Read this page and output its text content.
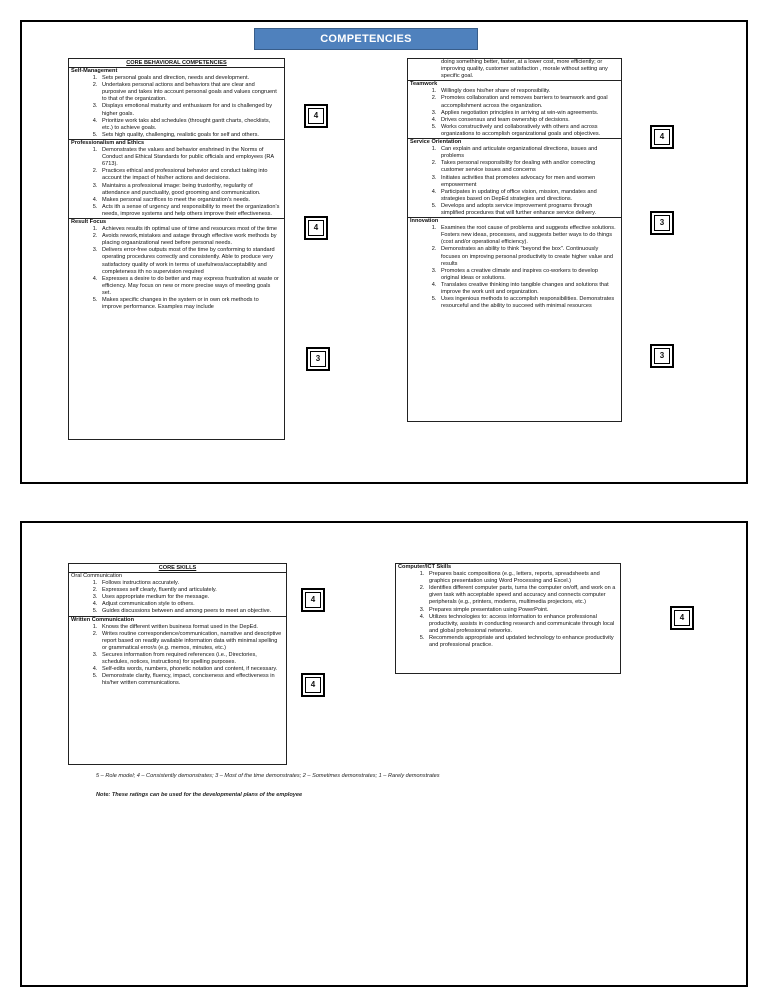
COMPETENCIES
CORE BEHAVIORAL COMPETENCIES
Self-Management
1. Sets personal goals and direction, needs and development.
2. Undertakes personal actions and behaviors that are clear and purposive and takes into account personal goals and values congruent to that of the organization.
3. Displays emotional maturity and enthusiasm for and is challenged by higher goals.
4. Prioritize work taks abd schedules (throught gantt charts, checklists, etc.) to achieve goals.
5. Sets high quality, challenging, realistic goals for self and others.
Professionalism and Ethics
1. Demonstrates the values and behavior enshrined in the Norms of Conduct and Ethical Standards for public officials and employees (RA 6713).
2. Practices ethical and professional behavior and conduct taking into account the impact of his/her actions and decisions.
3. Maintains a professional image: being trustorthy, regularity of attendance and punctuality, good grooming and communication.
4. Makes personal sacrifices to meet the organization's needs.
5. Acts ith a sense of urgency and responsibility to meet the organization's needs, improve systems and help others improve their effectiveness.
Result Focus
1. Achieves results ith optimal use of time and resources most of the time
2. Avoids rework,mistakes and astage through effective work methods by placing orgaanizational need before personal needs.
3. Delivers error-free outputs most of the time by conforming to standard operating procedures correctly and consistently. Able to produce very satisfactory quality of work in terms of usefulness/acceptability and completeness ith no supervision required
4. Expresses a desire to do better and may express frustration at waste or efficiency. May focus on new or more precise ways of meeting goals set.
5. Makes specific changes in the system or in own ork methods to improve performance. Examples may include
doing something better, faster, at a lower cost, more efficiently; or improving quality, customer satisfaction , morale without setting any specific goal.
Teamwork
1. Willingly does his/her share of responsibility.
2. Promotes collaboration and removes barriers to teamwork and goal accomplishment across the organization.
3. Applies negotiation principles in arriving at win-win agreements.
4. Drives consensus and team ownership of decisions.
5. Works constructively and collaboratively with others and across organizations to accomplish organizational goals and objectives.
Service Orientation
1. Can explain and articulate organizational directions, issues and problems
2. Takes personal responsibility for dealing with and/or correcting customer service issues and concerns
3. Initiates activities that promotes advocacy for men and women empowerment
4. Participates in updating of office vision, mission, mandates and strategies based on DepEd strategies and directions.
5. Develops and adopts service improvement programs through simplified procedures that will further enhance service delivery.
Innovation
1. Examines the root cause of problems and suggests effective solutions. Fosters new ideas, processes, and suggests better ways to do things (cost and/or operational efficiency).
2. Demonstrates an ability to think "beyond the box". Continuously focuses on improving personal productivity to create higher value and results
3. Promotes a creative climate and inspires co-workers to develop original ideas or solutions.
4. Translates creative thinking into tangible changes and solutions that improve the work unit and organization.
5. Uses ingenious methods to accomplish responsibilities. Demonstrates resourceful and the ability to succeed with minimal resources
4
4
3
4
3
3
CORE SKILLS
Oral Communication
1. Follows instructions accurately.
2. Expresses self clearly, fluently and articulately.
3. Uses appropriate medium for the message.
4. Adjust communication style to others.
5. Guides discussions between and among peers to meet an objective.
Written Communication
1. Knows the different written business format used in the DepEd.
2. Writes routine correspondence/communication, narrative and descriptive report based on readily available information data with minimal spelling or grammatical error/s (e.g. memos, minutes, etc.)
3. Secures information from required references (i.e., Directories, schedules, notices, instructions) for spelling purposes.
4. Self-edits words, numbers, phonetic notation and content, if necessary.
5. Demonstrate clarity, fluency, impact, conciseness and effectiveness in his/her written communications.
Computer/ICT Skills
1. Prepares basic compositions (e.g., letters, reports, spreadsheets and graphics presentation using Word Processing and Excel.)
2. Identifies different computer parts, turns the computer on/off, and work on a given task with acceptable speed and accuracy and connects computer peripherals (e.g., printers, modems, multimedia projectors, etc.)
3. Prepares simple presentation using PowerPoint.
4. Utilizes technologies to: access information to enhance professional productivity, assists in conducting research and communicate through local and global professional networks.
5. Recommends appropriate and updated technology to enhance productivity and professional practice.
4
4
4
5 – Role model; 4 – Consistently demonstrates; 3 – Most of the time demonstrates; 2 – Sometimes demonstrates; 1 – Rarely demonstrates
Note: These ratings can be used for the developmental plans of the employee
